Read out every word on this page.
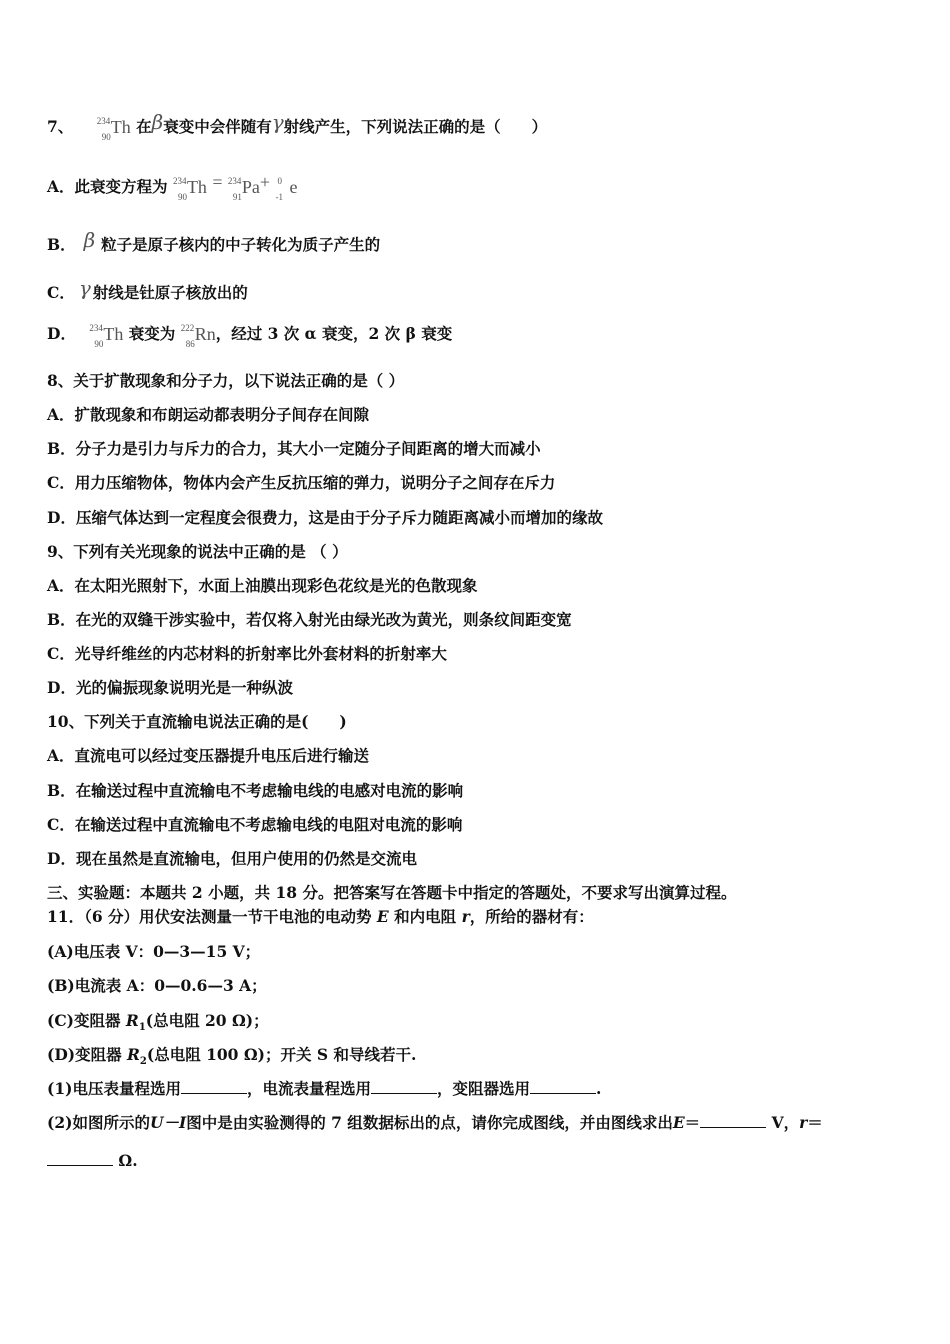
7、	234
90 Th 在β衰变中会伴随有γ射线产生，下列说法正确的是（　　）
A．此衰变方程为 234
90 Th = 234
91 Pa+ 0
-1 e
B． β 粒子是原子核内的中子转化为质子产生的
C． γ 射线是钍原子核放出的
D． 234
90 Th 衰变为 222
86 Rn，经过 3 次 α 衰变，2 次 β 衰变
8、关于扩散现象和分子力，以下说法正确的是（ ）
A．扩散现象和布朗运动都表明分子间存在间隙
B．分子力是引力与斥力的合力，其大小一定随分子间距离的增大而减小
C．用力压缩物体，物体内会产生反抗压缩的弹力，说明分子之间存在斥力
D．压缩气体达到一定程度会很费力，这是由于分子斥力随距离减小而增加的缘故
9、下列有关光现象的说法中正确的是 （ ）
A．在太阳光照射下，水面上油膜出现彩色花纹是光的色散现象
B．在光的双缝干涉实验中，若仅将入射光由绿光改为黄光，则条纹间距变宽
C．光导纤维丝的内芯材料的折射率比外套材料的折射率大
D．光的偏振现象说明光是一种纵波
10、下列关于直流输电说法正确的是(　　)
A．直流电可以经过变压器提升电压后进行输送
B．在输送过程中直流输电不考虑输电线的电感对电流的影响
C．在输送过程中直流输电不考虑输电线的电阻对电流的影响
D．现在虽然是直流输电，但用户使用的仍然是交流电
三、实验题：本题共 2 小题，共 18 分。把答案写在答题卡中指定的答题处，不要求写出演算过程。
11．（6 分）用伏安法测量一节干电池的电动势 E 和内电阻 r，所给的器材有：
(A)电压表 V：0—3—15 V；
(B)电流表 A：0—0.6—3 A；
(C)变阻器 $R_1$(总电阻 20 Ω)；
(D)变阻器 $R_2$(总电阻 100 Ω)；开关 S 和导线若干.
(1)电压表量程选用	，电流表量程选用	，变阻器选用	.
(2)如图所示的U－I图中是由实验测得的 7 组数据标出的点，请你完成图线，并由图线求出E＝	V，r＝
Ω.
